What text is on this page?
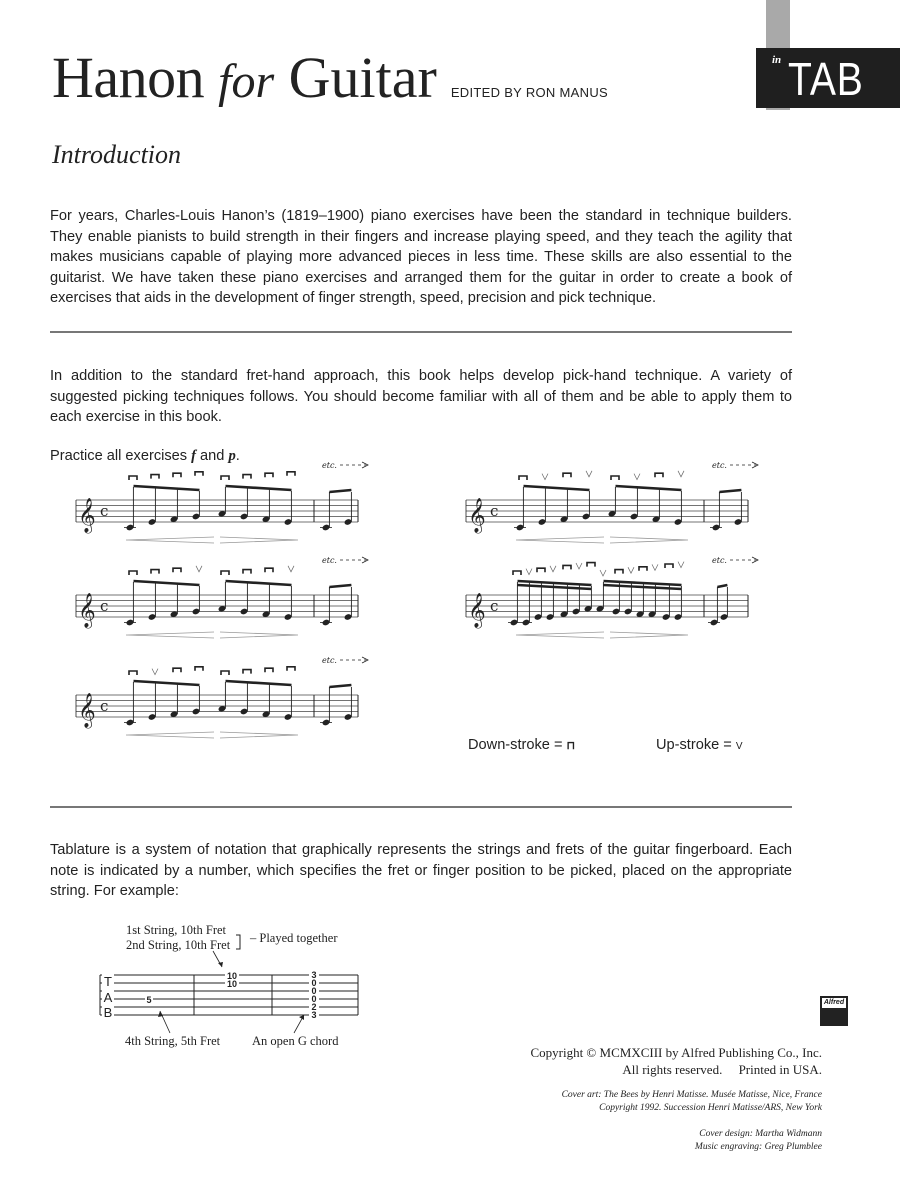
Hanon for Guitar EDITED BY RON MANUS
in TAB
Introduction
For years, Charles-Louis Hanon’s (1819–1900) piano exercises have been the standard in technique builders.
They enable pianists to build strength in their fingers and increase playing speed, and they teach the agility that
makes musicians capable of playing more advanced pieces in less time. These skills are also essential to the
guitarist. We have taken these piano exercises and arranged them for the guitar in order to create a book of
exercises that aids in the development of finger strength, speed, precision and pick technique.
In addition to the standard fret-hand approach, this book helps develop pick-hand technique. A variety of
suggested picking techniques follows. You should become familiar with all of them and be able to apply them to
each exercise in this book.
Practice all exercises f and p.
𝄞 c
etc.
𝄞 c
etc.
𝄞 c
etc.
𝄞 c
etc.
𝄞 c
etc.
Down-stroke = ⊓	Up-stroke = V
Tablature is a system of notation that graphically represents the strings and frets of the guitar fingerboard. Each
note is indicated by a number, which specifies the fret or finger position to be picked, placed on the appropriate
string. For example:
1st String, 10th Fret
2nd String, 10th Fret – Played together
4th String, 5th Fret	An open G chord
T
A
B
5
10
10
3
0
0
0
2
3
Alfred
Copyright © MCMXCIII by Alfred Publishing Co., Inc.
All rights reserved.     Printed in USA.
Cover art: The Bees by Henri Matisse. Musée Matisse, Nice, France
Copyright 1992. Succession Henri Matisse/ARS, New York
Cover design: Martha Widmann
Music engraving: Greg Plumblee
